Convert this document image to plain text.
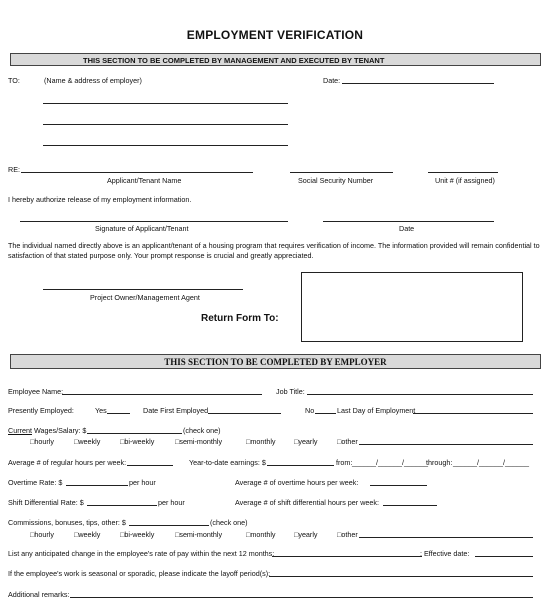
EMPLOYMENT VERIFICATION
THIS SECTION TO BE COMPLETED BY MANAGEMENT AND EXECUTED BY TENANT
TO:	(Name & address of employer)	Date:
RE:
Applicant/Tenant Name	Social Security Number	Unit # (if assigned)
I hereby authorize release of my employment information.
Signature of Applicant/Tenant	Date
The individual named directly above is an applicant/tenant of a housing program that requires verification of income. The information provided will remain confidential to
satisfaction of that stated purpose only. Your prompt response is crucial and greatly appreciated.
Project Owner/Management Agent
Return Form To:
THIS SECTION TO BE COMPLETED BY EMPLOYER
Employee Name:	Job Title:
Presently Employed:	Yes	Date First Employed	No	Last Day of Employment
Current Wages/Salary: $	(check one)
□hourly	□weekly	□bi-weekly	□semi-monthly	□monthly	□yearly	□other
Average # of regular hours per week:	Year-to-date earnings: $	from: ______/______/______
through: ______/______/______
Overtime Rate: $	per hour	Average # of overtime hours per week:
Shift Differential Rate: $	per hour	Average # of shift differential hours per week:
Commissions, bonuses, tips, other: $	(check one)
□hourly	□weekly	□bi-weekly	□semi-monthly	□monthly	□yearly	□other
List any anticipated change in the employee's rate of pay within the next 12 months:	; Effective date:
If the employee's work is seasonal or sporadic, please indicate the layoff period(s):
Additional remarks:
